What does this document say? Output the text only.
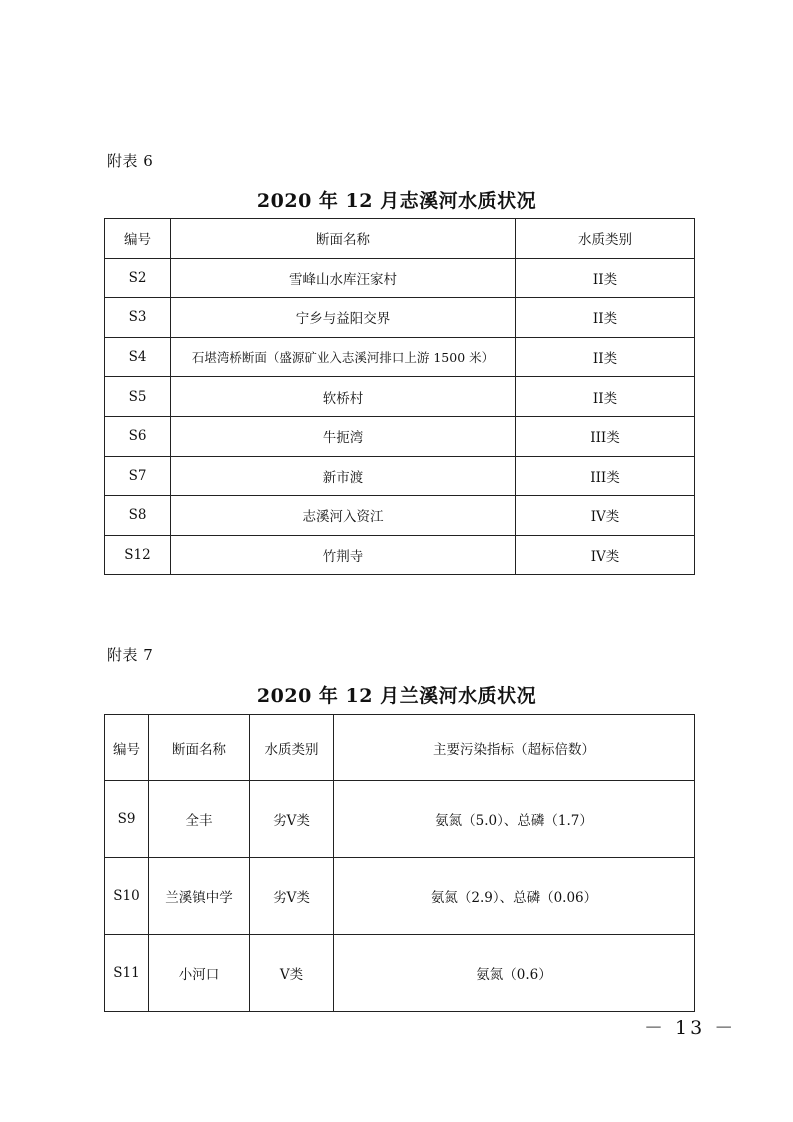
附表 6
2020 年 12 月志溪河水质状况
编号	断面名称	水质类别
S2	雪峰山水库汪家村	II类
S3	宁乡与益阳交界	II类
S4	石堪湾桥断面（盛源矿业入志溪河排口上游 1500 米）	II类
S5	软桥村	II类
S6	牛扼湾	III类
S7	新市渡	III类
S8	志溪河入资江	IV类
S12	竹荆寺	IV类
附表 7
2020 年 12 月兰溪河水质状况
编号	断面名称	水质类别	主要污染指标（超标倍数）
S9	全丰	劣V类	氨氮（5.0）、总磷（1.7）
S10	兰溪镇中学	劣V类	氨氮（2.9）、总磷（0.06）
S11	小河口	V类	氨氮（0.6）
－ 13 －
